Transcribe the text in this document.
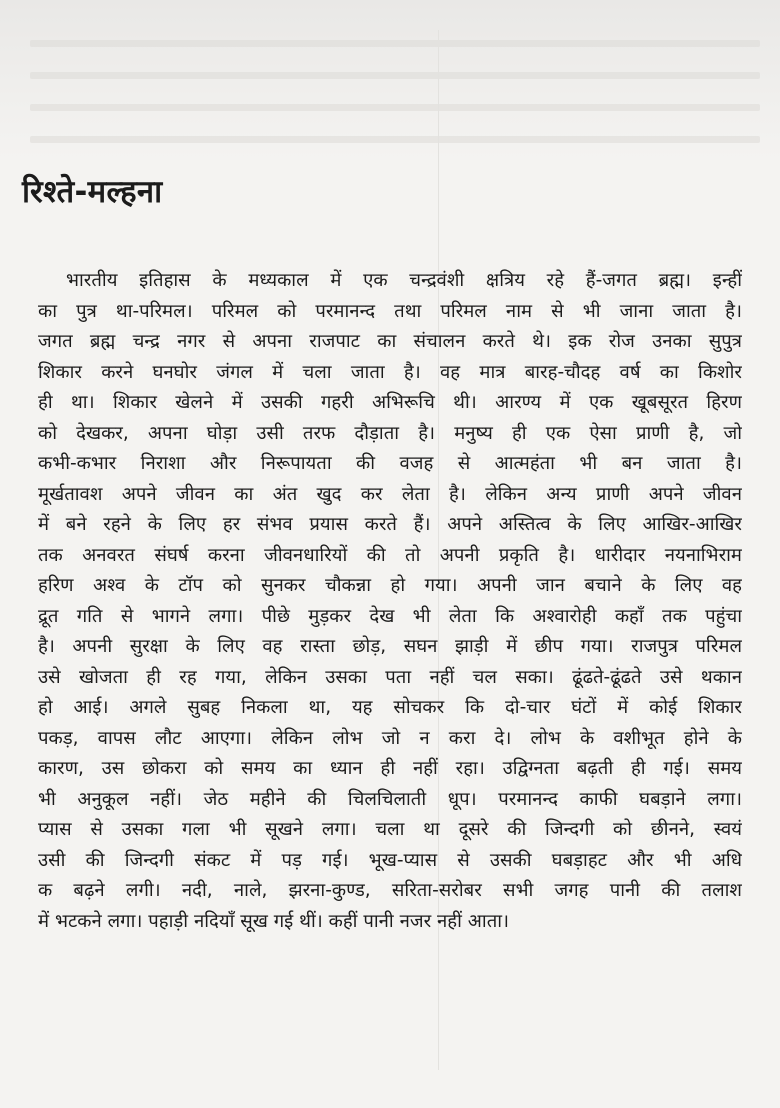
रिश्ते-मल्हना
भारतीय इतिहास के मध्यकाल में एक चन्द्रवंशी क्षत्रिय रहे हैं-जगत ब्रह्म। इन्हीं
का पुत्र था-परिमल। परिमल को परमानन्द तथा परिमल नाम से भी जाना जाता है।
जगत ब्रह्म चन्द्र नगर से अपना राजपाट का संचालन करते थे। इक रोज उनका सुपुत्र
शिकार करने घनघोर जंगल में चला जाता है। वह मात्र बारह-चौदह वर्ष का किशोर
ही था। शिकार खेलने में उसकी गहरी अभिरूचि थी। आरण्य में एक खूबसूरत हिरण
को देखकर, अपना घोड़ा उसी तरफ दौड़ाता है। मनुष्य ही एक ऐसा प्राणी है, जो
कभी-कभार निराशा और निरूपायता की वजह से आत्महंता भी बन जाता है।
मूर्खतावश अपने जीवन का अंत खुद कर लेता है। लेकिन अन्य प्राणी अपने जीवन
में बने रहने के लिए हर संभव प्रयास करते हैं। अपने अस्तित्व के लिए आखिर-आखिर
तक अनवरत संघर्ष करना जीवनधारियों की तो अपनी प्रकृति है। धारीदार नयनाभिराम
हरिण अश्व के टॉप को सुनकर चौकन्ना हो गया। अपनी जान बचाने के लिए वह
द्रूत गति से भागने लगा। पीछे मुड़कर देख भी लेता कि अश्वारोही कहाँ तक पहुंचा
है। अपनी सुरक्षा के लिए वह रास्ता छोड़, सघन झाड़ी में छीप गया। राजपुत्र परिमल
उसे खोजता ही रह गया, लेकिन उसका पता नहीं चल सका। ढूंढते-ढूंढते उसे थकान
हो आई। अगले सुबह निकला था, यह सोचकर कि दो-चार घंटों में कोई शिकार
पकड़, वापस लौट आएगा। लेकिन लोभ जो न करा दे। लोभ के वशीभूत होने के
कारण, उस छोकरा को समय का ध्यान ही नहीं रहा। उद्विग्नता बढ़ती ही गई। समय
भी अनुकूल नहीं। जेठ महीने की चिलचिलाती धूप। परमानन्द काफी घबड़ाने लगा।
प्यास से उसका गला भी सूखने लगा। चला था दूसरे की जिन्दगी को छीनने, स्वयं
उसी की जिन्दगी संकट में पड़ गई। भूख-प्यास से उसकी घबड़ाहट और भी अधि
क बढ़ने लगी। नदी, नाले, झरना-कुण्ड, सरिता-सरोबर सभी जगह पानी की तलाश
में भटकने लगा। पहाड़ी नदियाँ सूख गई थीं। कहीं पानी नजर नहीं आता।
